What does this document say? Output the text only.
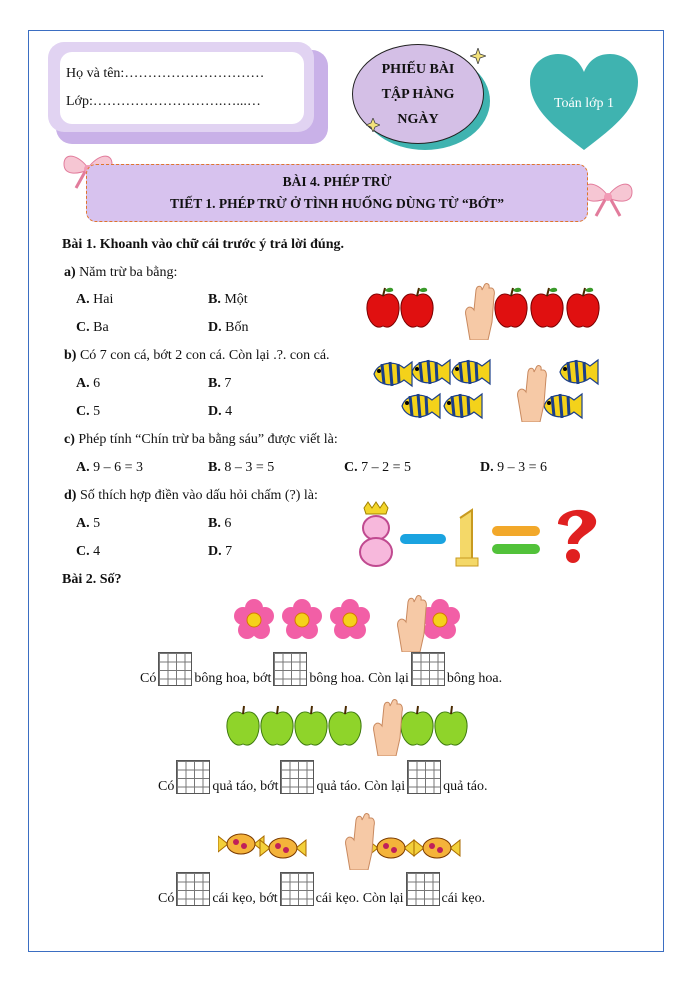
Họ và tên:…………………………
Lớp:……………………….…...…
PHIẾU BÀI
TẬP HÀNG
NGÀY
Toán lớp 1
BÀI 4. PHÉP TRỪ
TIẾT 1. PHÉP TRỪ Ở TÌNH HUỐNG DÙNG TỪ “BỚT”
Bài 1. Khoanh vào chữ cái trước ý trả lời đúng.
a) Năm trừ ba bằng:
A. Hai	B. Một
C. Ba	D. Bốn
b) Có 7 con cá, bớt 2 con cá. Còn lại .?. con cá.
A. 6	B. 7
C. 5	D. 4
c) Phép tính “Chín trừ ba bằng sáu” được viết là:
A. 9 – 6 = 3	B. 8 – 3 = 5	C. 7 – 2 = 5	D. 9 – 3 = 6
d) Số thích hợp điền vào dấu hỏi chấm (?) là:
A. 5	B. 6
C. 4	D. 7
Bài 2. Số?
Có	bông hoa, bớt	bông hoa. Còn lại	bông hoa.
Có	quả táo, bớt	quả táo. Còn lại	quả táo.
Có	cái kẹo, bớt	cái kẹo. Còn lại	cái kẹo.
